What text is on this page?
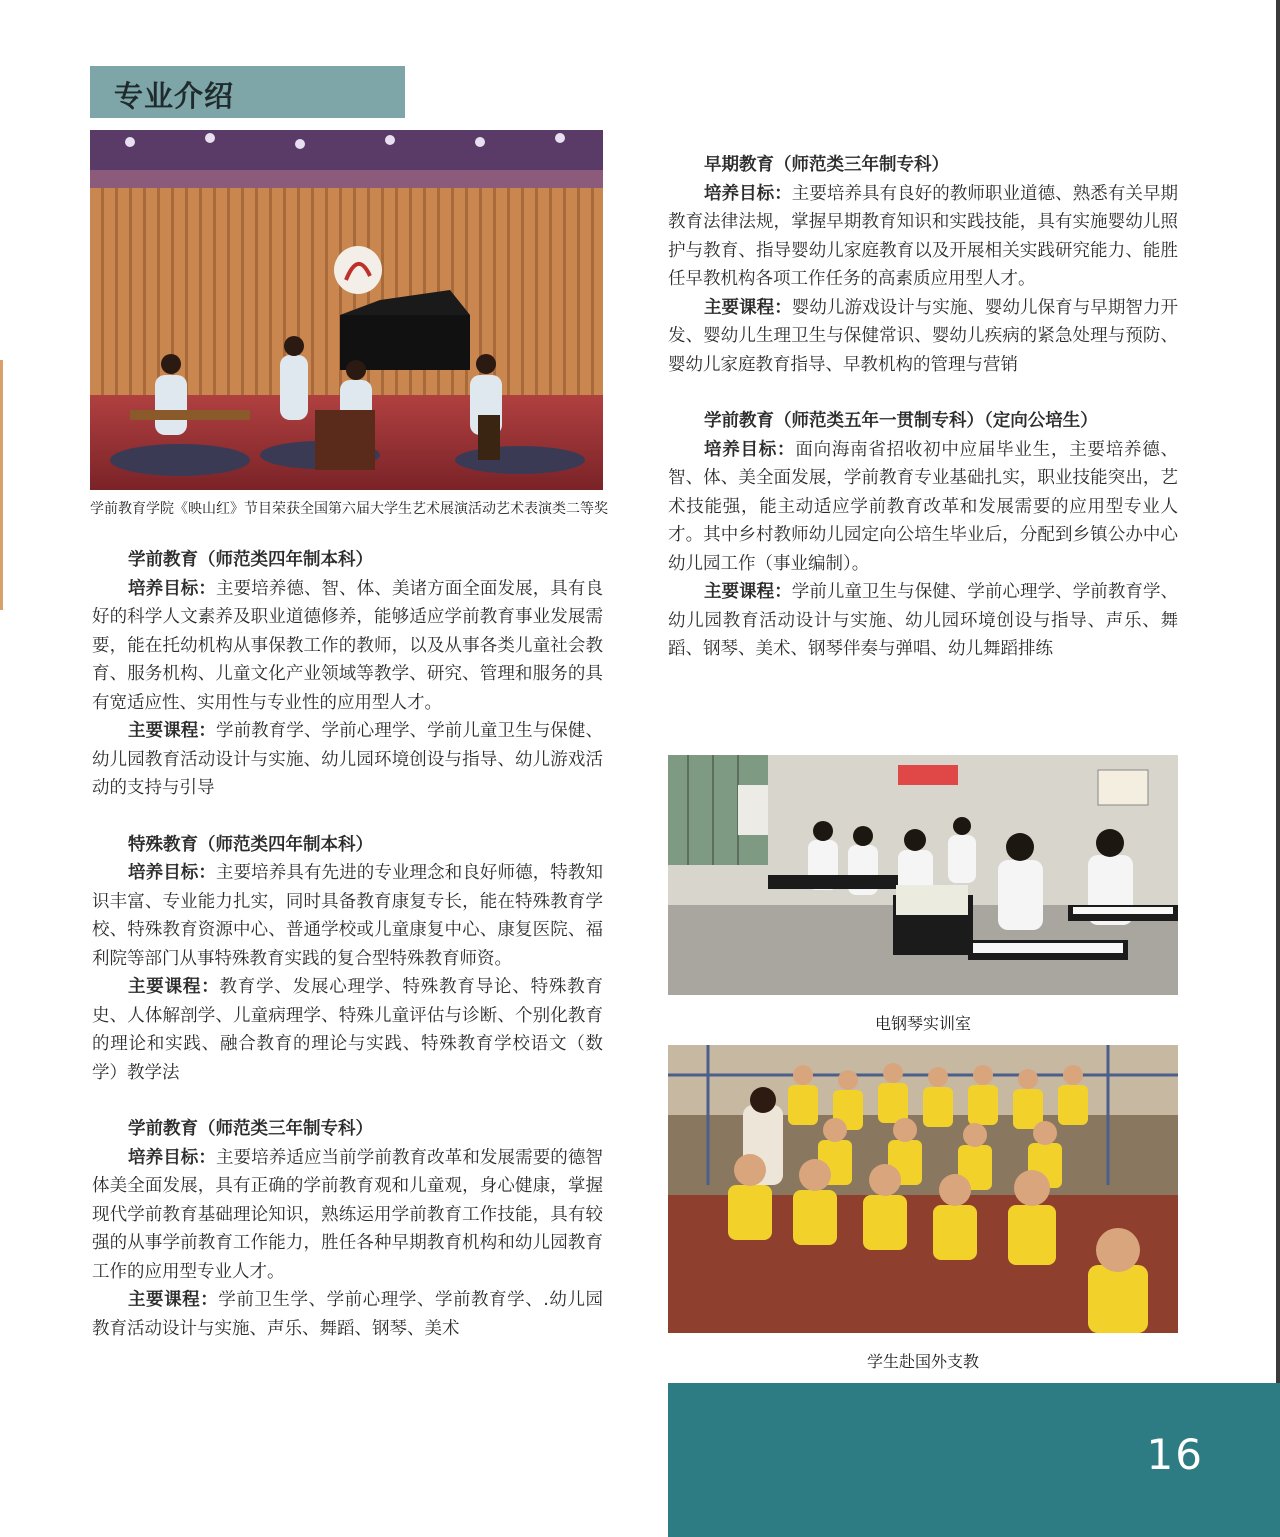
专业介绍
学前教育学院《映山红》节目荣获全国第六届大学生艺术展演活动艺术表演类二等奖
学前教育（师范类四年制本科）
培养目标：主要培养德、智、体、美诸方面全面发展，具有良好的科学人文素养及职业道德修养，能够适应学前教育事业发展需要，能在托幼机构从事保教工作的教师，以及从事各类儿童社会教育、服务机构、儿童文化产业领域等教学、研究、管理和服务的具有宽适应性、实用性与专业性的应用型人才。
主要课程：学前教育学、学前心理学、学前儿童卫生与保健、幼儿园教育活动设计与实施、幼儿园环境创设与指导、幼儿游戏活动的支持与引导
特殊教育（师范类四年制本科）
培养目标：主要培养具有先进的专业理念和良好师德，特教知识丰富、专业能力扎实，同时具备教育康复专长，能在特殊教育学校、特殊教育资源中心、普通学校或儿童康复中心、康复医院、福利院等部门从事特殊教育实践的复合型特殊教育师资。
主要课程：教育学、发展心理学、特殊教育导论、特殊教育史、人体解剖学、儿童病理学、特殊儿童评估与诊断、个别化教育的理论和实践、融合教育的理论与实践、特殊教育学校语文（数学）教学法
学前教育（师范类三年制专科）
培养目标：主要培养适应当前学前教育改革和发展需要的德智体美全面发展，具有正确的学前教育观和儿童观，身心健康，掌握现代学前教育基础理论知识，熟练运用学前教育工作技能，具有较强的从事学前教育工作能力，胜任各种早期教育机构和幼儿园教育工作的应用型专业人才。
主要课程：学前卫生学、学前心理学、学前教育学、.幼儿园教育活动设计与实施、声乐、舞蹈、钢琴、美术
早期教育（师范类三年制专科）
培养目标：主要培养具有良好的教师职业道德、熟悉有关早期教育法律法规，掌握早期教育知识和实践技能，具有实施婴幼儿照护与教育、指导婴幼儿家庭教育以及开展相关实践研究能力、能胜任早教机构各项工作任务的高素质应用型人才。
主要课程：婴幼儿游戏设计与实施、婴幼儿保育与早期智力开发、婴幼儿生理卫生与保健常识、婴幼儿疾病的紧急处理与预防、婴幼儿家庭教育指导、早教机构的管理与营销
学前教育（师范类五年一贯制专科）（定向公培生）
培养目标：面向海南省招收初中应届毕业生，主要培养德、智、体、美全面发展，学前教育专业基础扎实，职业技能突出，艺术技能强，能主动适应学前教育改革和发展需要的应用型专业人才。其中乡村教师幼儿园定向公培生毕业后，分配到乡镇公办中心幼儿园工作（事业编制）。
主要课程：学前儿童卫生与保健、学前心理学、学前教育学、幼儿园教育活动设计与实施、幼儿园环境创设与指导、声乐、舞蹈、钢琴、美术、钢琴伴奏与弹唱、幼儿舞蹈排练
电钢琴实训室
学生赴国外支教
16
